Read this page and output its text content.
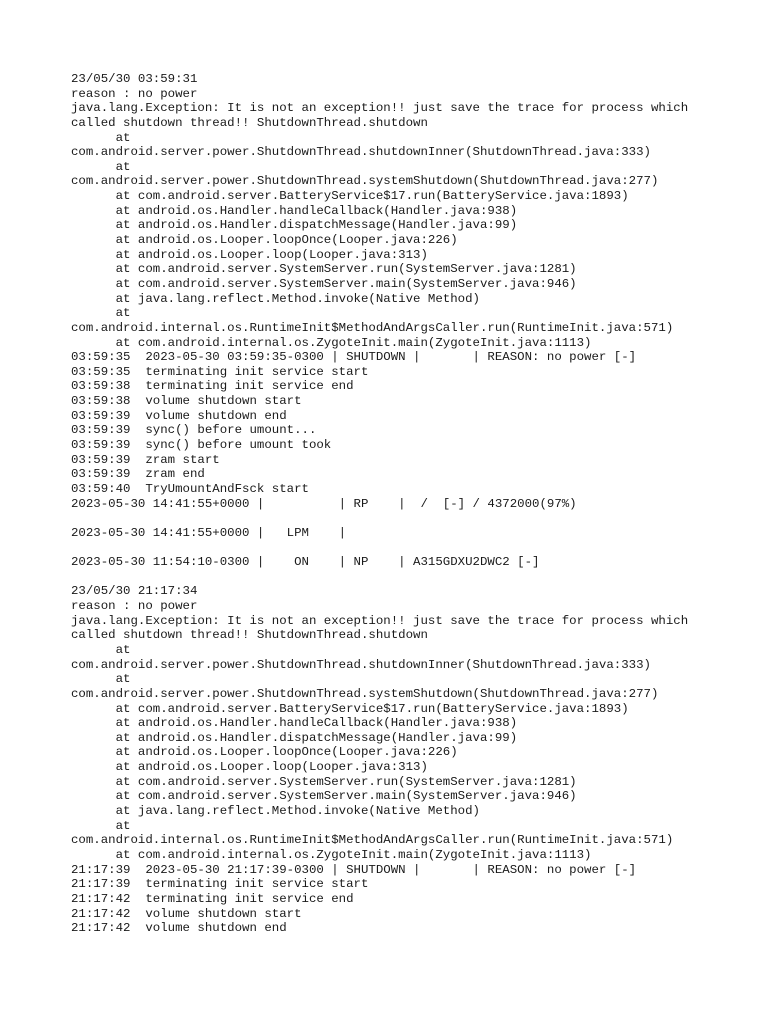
23/05/30 03:59:31
reason : no power
java.lang.Exception: It is not an exception!! just save the trace for process which
called shutdown thread!! ShutdownThread.shutdown
at
com.android.server.power.ShutdownThread.shutdownInner(ShutdownThread.java:333)
at
com.android.server.power.ShutdownThread.systemShutdown(ShutdownThread.java:277)
at com.android.server.BatteryService$17.run(BatteryService.java:1893)
at android.os.Handler.handleCallback(Handler.java:938)
at android.os.Handler.dispatchMessage(Handler.java:99)
at android.os.Looper.loopOnce(Looper.java:226)
at android.os.Looper.loop(Looper.java:313)
at com.android.server.SystemServer.run(SystemServer.java:1281)
at com.android.server.SystemServer.main(SystemServer.java:946)
at java.lang.reflect.Method.invoke(Native Method)
at
com.android.internal.os.RuntimeInit$MethodAndArgsCaller.run(RuntimeInit.java:571)
at com.android.internal.os.ZygoteInit.main(ZygoteInit.java:1113)
03:59:35  2023-05-30 03:59:35-0300 | SHUTDOWN |       | REASON: no power [-]
03:59:35  terminating init service start
03:59:38  terminating init service end
03:59:38  volume shutdown start
03:59:39  volume shutdown end
03:59:39  sync() before umount...
03:59:39  sync() before umount took
03:59:39  zram start
03:59:39  zram end
03:59:40  TryUmountAndFsck start
2023-05-30 14:41:55+0000 |          | RP    |  /  [-] / 4372000(97%)
2023-05-30 14:41:55+0000 |   LPM    |
2023-05-30 11:54:10-0300 |    ON    | NP    | A315GDXU2DWC2 [-]
23/05/30 21:17:34
reason : no power
java.lang.Exception: It is not an exception!! just save the trace for process which
called shutdown thread!! ShutdownThread.shutdown
at
com.android.server.power.ShutdownThread.shutdownInner(ShutdownThread.java:333)
at
com.android.server.power.ShutdownThread.systemShutdown(ShutdownThread.java:277)
at com.android.server.BatteryService$17.run(BatteryService.java:1893)
at android.os.Handler.handleCallback(Handler.java:938)
at android.os.Handler.dispatchMessage(Handler.java:99)
at android.os.Looper.loopOnce(Looper.java:226)
at android.os.Looper.loop(Looper.java:313)
at com.android.server.SystemServer.run(SystemServer.java:1281)
at com.android.server.SystemServer.main(SystemServer.java:946)
at java.lang.reflect.Method.invoke(Native Method)
at
com.android.internal.os.RuntimeInit$MethodAndArgsCaller.run(RuntimeInit.java:571)
at com.android.internal.os.ZygoteInit.main(ZygoteInit.java:1113)
21:17:39  2023-05-30 21:17:39-0300 | SHUTDOWN |       | REASON: no power [-]
21:17:39  terminating init service start
21:17:42  terminating init service end
21:17:42  volume shutdown start
21:17:42  volume shutdown end
